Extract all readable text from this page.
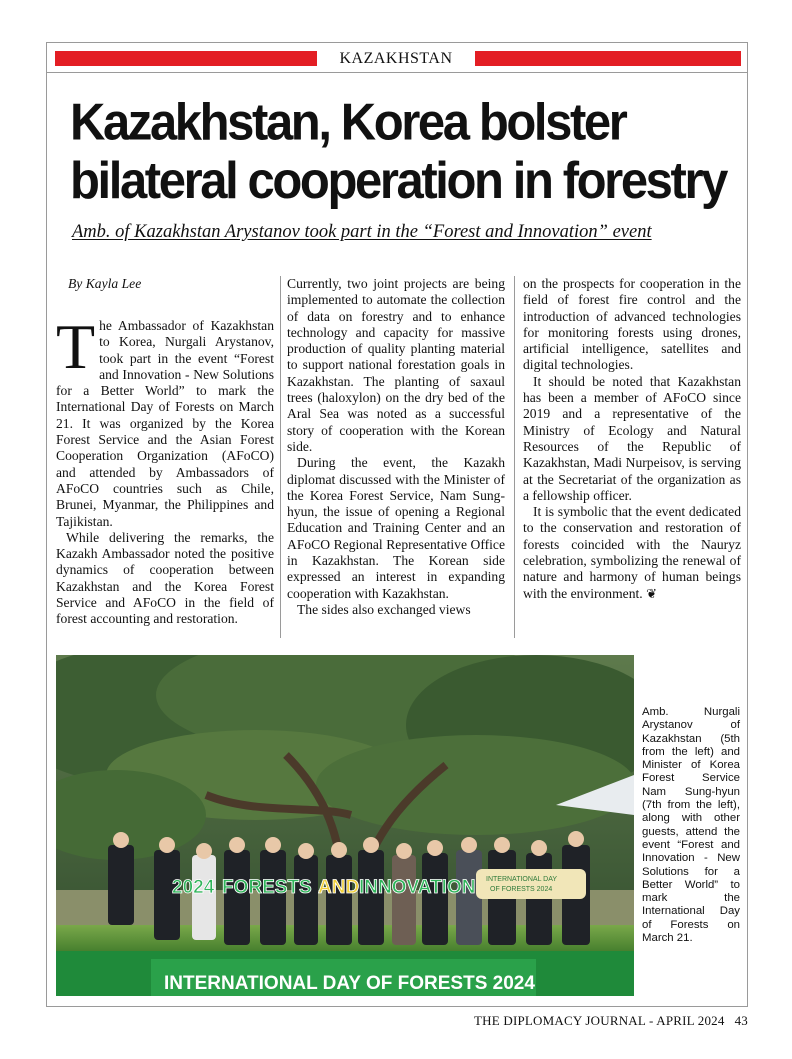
KAZAKHSTAN
Kazakhstan, Korea bolster bilateral cooperation in forestry

Amb. of Kazakhstan Arystanov took part in the “Forest and Innovation” event

By Kayla Lee

The Ambassador of Kazakhstan to Korea, Nurgali Arystanov, took part in the event “Forest and Innovation - New Solutions for a Better World” to mark the International Day of Forests on March 21. It was organized by the Korea Forest Service and the Asian Forest Cooperation Organization (AFoCO) and attended by Ambassadors of AFoCO countries such as Chile, Brunei, Myanmar, the Philippines and Tajikistan.

While delivering the remarks, the Kazakh Ambassador noted the positive dynamics of cooperation between Kazakhstan and the Korea Forest Service and AFoCO in the field of forest accounting and restoration.

Currently, two joint projects are being implemented to automate the collection of data on forestry and to enhance technology and capacity for massive production of quality planting material to support national forestation goals in Kazakhstan. The planting of saxaul trees (haloxylon) on the dry bed of the Aral Sea was noted as a successful story of cooperation with the Korean side.

During the event, the Kazakh diplomat discussed with the Minister of the Korea Forest Service, Nam Sung-hyun, the issue of opening a Regional Education and Training Center and an AFoCO Regional Representative Office in Kazakhstan. The Korean side expressed an interest in expanding cooperation with Kazakhstan.

The sides also exchanged views

on the prospects for cooperation in the field of forest fire control and the introduction of advanced technologies for monitoring forests using drones, artificial intelligence, satellites and digital technologies.

It should be noted that Kazakhstan has been a member of AFoCO since 2019 and a representative of the Ministry of Ecology and Natural Resources of the Republic of Kazakhstan, Madi Nurpeisov, is serving at the Secretariat of the organization as a fellowship officer.

It is symbolic that the event dedicated to the conservation and restoration of forests coincided with the Nauryz celebration, symbolizing the renewal of nature and harmony of human beings with the environment. ❦

2024 FORESTS AND INNOVATION INTERNATIONAL DAY
OF FORESTS 2024
INTERNATIONAL DAY OF FORESTS 2024
Amb. Nurgali Arystanov of Kazakhstan (5th from the left) and Minister of Korea Forest Service Nam Sung-hyun (7th from the left), along with other guests, attend the event “Forest and Innovation - New Solutions for a Better World” to mark the International Day of Forests on March 21.
THE DIPLOMACY JOURNAL - APRIL 2024 43
